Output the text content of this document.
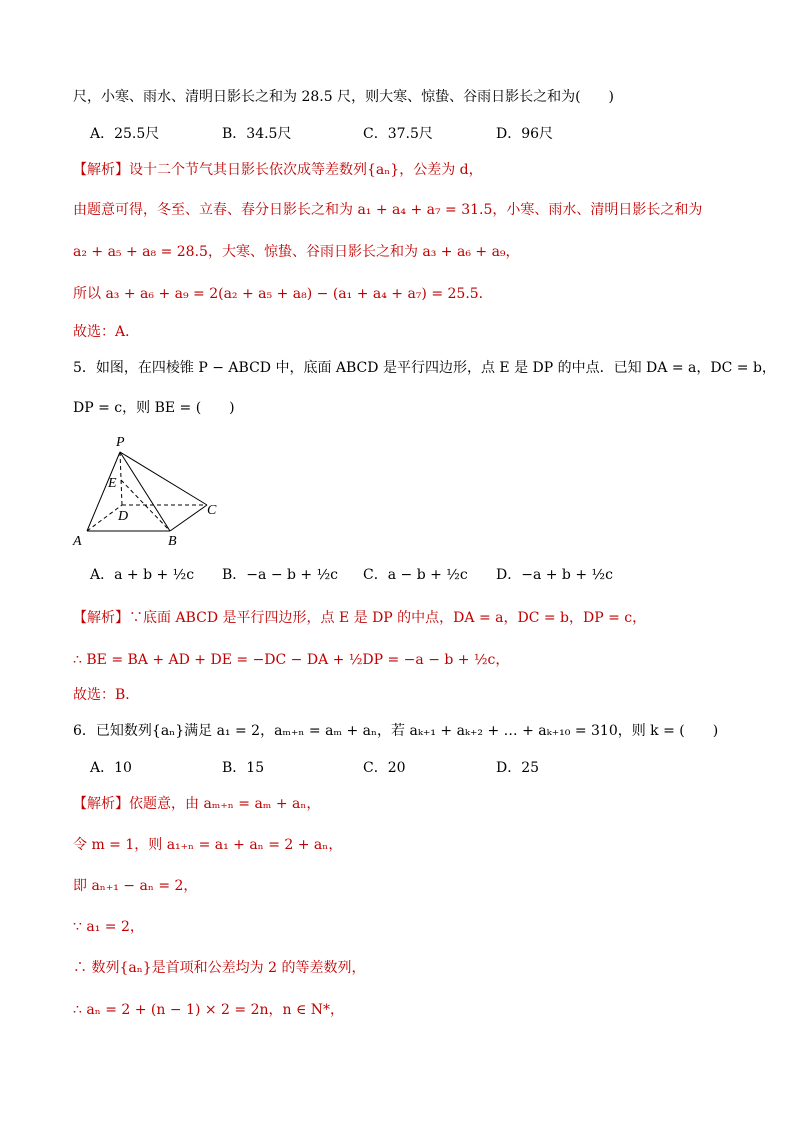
尺，小寒、雨水、清明日影长之和为 28.5 尺，则大寒、惊蛰、谷雨日影长之和为(　　)
A．25.5尺	B．34.5尺	C．37.5尺	D．96尺
【解析】设十二个节气其日影长依次成等差数列{aₙ}，公差为 d，
由题意可得，冬至、立春、春分日影长之和为 a₁ + a₄ + a₇ = 31.5，小寒、雨水、清明日影长之和为
a₂ + a₅ + a₈ = 28.5，大寒、惊蛰、谷雨日影长之和为 a₃ + a₆ + a₉，
所以 a₃ + a₆ + a₉ = 2(a₂ + a₅ + a₈) − (a₁ + a₄ + a₇) = 25.5．
故选：A．
5．如图，在四棱锥 P − ABCD 中，底面 ABCD 是平行四边形，点 E 是 DP 的中点．已知 DA = a，DC = b，
DP = c，则 BE = (　　)
P
E
D	C
A	B
A．a + b + ½c B．−a − b + ½c C．a − b + ½c D．−a + b + ½c
【解析】∵底面 ABCD 是平行四边形，点 E 是 DP 的中点，DA = a，DC = b，DP = c，
∴ BE = BA + AD + DE = −DC − DA + ½DP = −a − b + ½c，
故选：B．
6．已知数列{aₙ}满足 a₁ = 2，aₘ₊ₙ = aₘ + aₙ，若 aₖ₊₁ + aₖ₊₂ + … + aₖ₊₁₀ = 310，则 k = (　　)
A．10	B．15	C．20	D．25
【解析】依题意，由 aₘ₊ₙ = aₘ + aₙ，
令 m = 1，则 a₁₊ₙ = a₁ + aₙ = 2 + aₙ，
即 aₙ₊₁ − aₙ = 2，
∵ a₁ = 2，
∴ 数列{aₙ}是首项和公差均为 2 的等差数列，
∴ aₙ = 2 + (n − 1) × 2 = 2n，n ∈ N*，
